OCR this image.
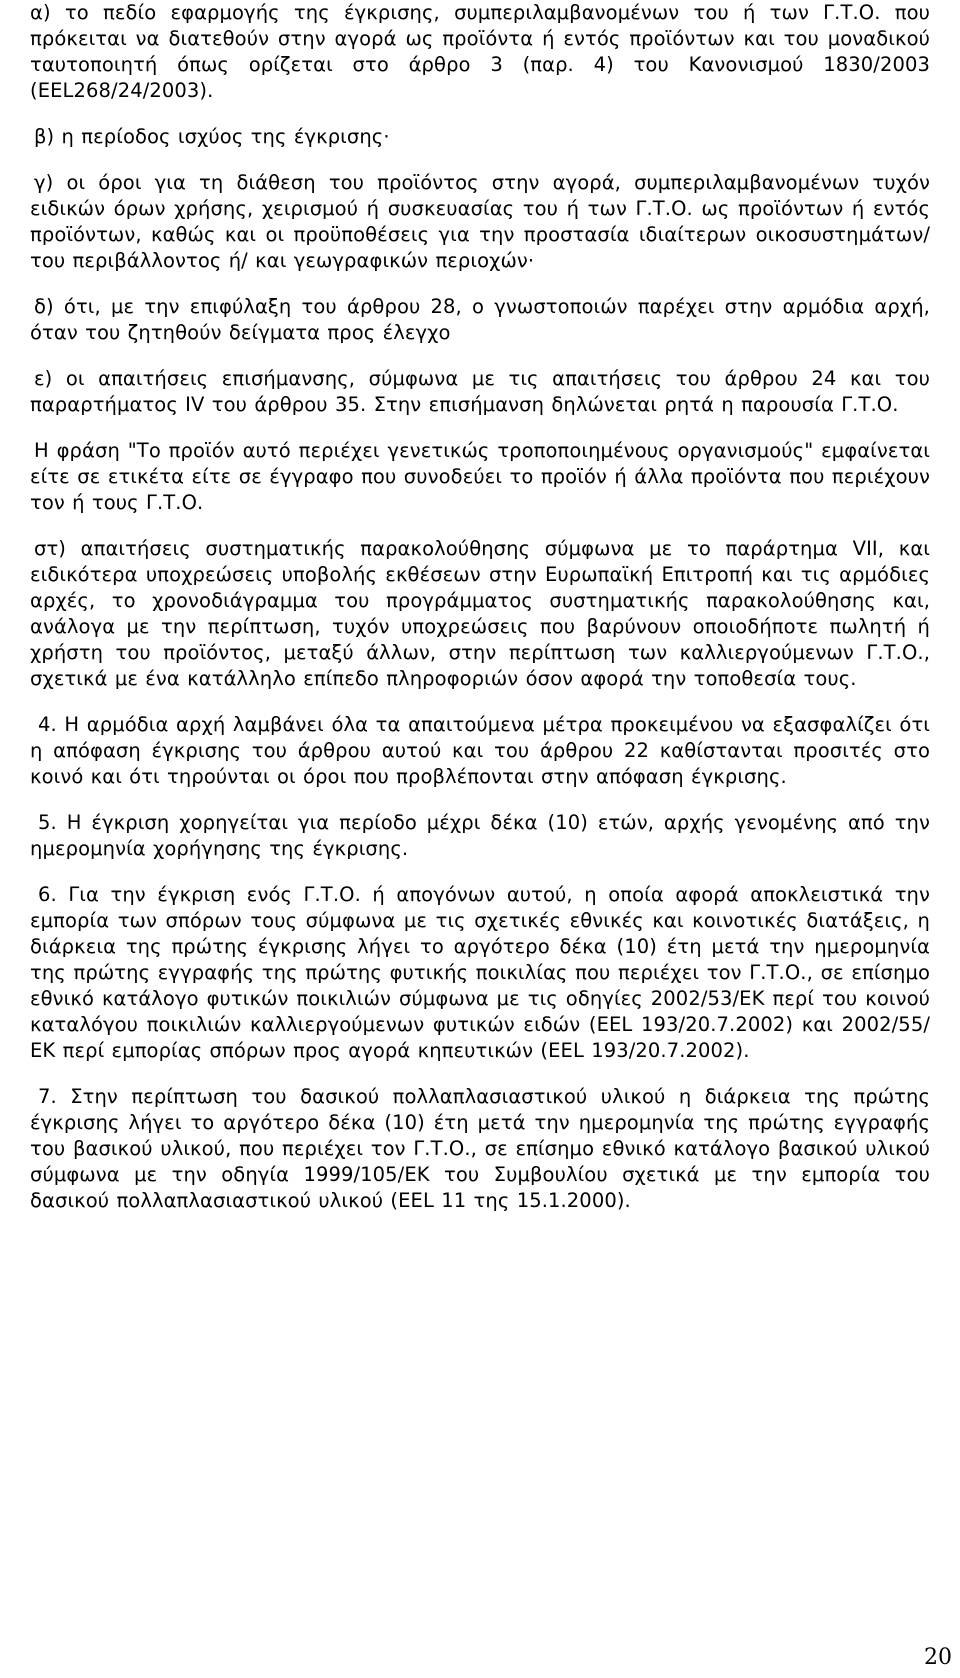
α) το πεδίο εφαρμογής της έγκρισης, συμπεριλαμβανομένων του ή των Γ.Τ.Ο. που πρόκειται να διατεθούν στην αγορά ως προϊόντα ή εντός προϊόντων και του μοναδικού ταυτοποιητή όπως ορίζεται στο άρθρο 3 (παρ. 4) του Κανονισμού 1830/2003 (ΕΕL268/24/2003).

β) η περίοδος ισχύος της έγκρισης·

γ) οι όροι για τη διάθεση του προϊόντος στην αγορά, συμπεριλαμβανομένων τυχόν ειδικών όρων χρήσης, χειρισμού ή συσκευασίας του ή των Γ.Τ.Ο. ως προϊόντων ή εντός προϊόντων, καθώς και οι προϋποθέσεις για την προστασία ιδιαίτερων οικοσυστημάτων/ του περιβάλλοντος ή/ και γεωγραφικών περιοχών·

δ) ότι, με την επιφύλαξη του άρθρου 28, ο γνωστοποιών παρέχει στην αρμόδια αρχή, όταν του ζητηθούν δείγματα προς έλεγχο

ε) οι απαιτήσεις επισήμανσης, σύμφωνα με τις απαιτήσεις του άρθρου 24 και του παραρτήματος IV του άρθρου 35. Στην επισήμανση δηλώνεται ρητά η παρουσία Γ.Τ.Ο.

Η φράση "Το προϊόν αυτό περιέχει γενετικώς τροποποιημένους οργανισμούς" εμφαίνεται είτε σε ετικέτα είτε σε έγγραφο που συνοδεύει το προϊόν ή άλλα προϊόντα που περιέχουν τον ή τους Γ.Τ.Ο.

στ) απαιτήσεις συστηματικής παρακολούθησης σύμφωνα με το παράρτημα VII, και ειδικότερα υποχρεώσεις υποβολής εκθέσεων στην Ευρωπαϊκή Επιτροπή και τις αρμόδιες αρχές, το χρονοδιάγραμμα του προγράμματος συστηματικής παρακολούθησης και, ανάλογα με την περίπτωση, τυχόν υποχρεώσεις που βαρύνουν οποιοδήποτε πωλητή ή χρήστη του προϊόντος, μεταξύ άλλων, στην περίπτωση των καλλιεργούμενων Γ.Τ.Ο., σχετικά με ένα κατάλληλο επίπεδο πληροφοριών όσον αφορά την τοποθεσία τους.

4. Η αρμόδια αρχή λαμβάνει όλα τα απαιτούμενα μέτρα προκειμένου να εξασφαλίζει ότι η απόφαση έγκρισης του άρθρου αυτού και του άρθρου 22 καθίστανται προσιτές στο κοινό και ότι τηρούνται οι όροι που προβλέπονται στην απόφαση έγκρισης.

5. Η έγκριση χορηγείται για περίοδο μέχρι δέκα (10) ετών, αρχής γενομένης από την ημερομηνία χορήγησης της έγκρισης.

6. Για την έγκριση ενός Γ.Τ.Ο. ή απογόνων αυτού, η οποία αφορά αποκλειστικά την εμπορία των σπόρων τους σύμφωνα με τις σχετικές εθνικές και κοινοτικές διατάξεις, η διάρκεια της πρώτης έγκρισης λήγει το αργότερο δέκα (10) έτη μετά την ημερομηνία της πρώτης εγγραφής της πρώτης φυτικής ποικιλίας που περιέχει τον Γ.Τ.Ο., σε επίσημο εθνικό κατάλογο φυτικών ποικιλιών σύμφωνα με τις οδηγίες 2002/53/ΕΚ περί του κοινού καταλόγου ποικιλιών καλλιεργούμενων φυτικών ειδών (ΕΕL 193/20.7.2002) και 2002/55/ΕΚ περί εμπορίας σπόρων προς αγορά κηπευτικών (ΕΕL 193/20.7.2002).

7. Στην περίπτωση του δασικού πολλαπλασιαστικού υλικού η διάρκεια της πρώτης έγκρισης λήγει το αργότερο δέκα (10) έτη μετά την ημερομηνία της πρώτης εγγραφής του βασικού υλικού, που περιέχει τον Γ.Τ.Ο., σε επίσημο εθνικό κατάλογο βασικού υλικού σύμφωνα με την οδηγία 1999/105/ΕΚ του Συμβουλίου σχετικά με την εμπορία του δασικού πολλαπλασιαστικού υλικού (ΕΕL 11 της 15.1.2000).

20
